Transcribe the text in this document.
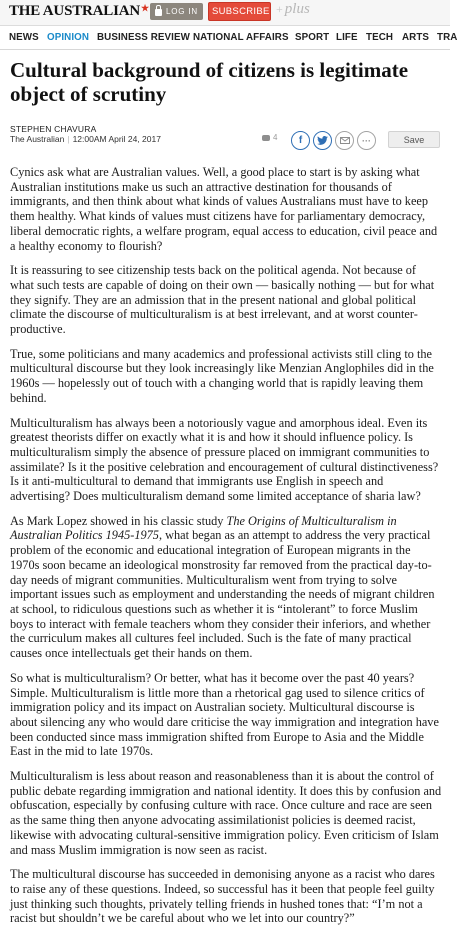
THE AUSTRALIAN★ LOG IN SUBSCRIBE + plus
NEWS OPINION BUSINESS REVIEW NATIONAL AFFAIRS SPORT LIFE TECH ARTS TRA
Cultural background of citizens is legitimate object of scrutiny
STEPHEN CHAVURA
The Australian | 12:00AM April 24, 2017	4	f	···	Save

Cynics ask what are Australian values. Well, a good place to start is by asking what Australian institutions make us such an attractive destination for thousands of immigrants, and then think about what kinds of values Australians must have to keep them healthy. What kinds of values must citizens have for parliamentary democracy, liberal democratic rights, a welfare program, equal access to education, civil peace and a healthy economy to flourish?

It is reassuring to see citizenship tests back on the political agenda. Not because of what such tests are capable of doing on their own — basically nothing — but for what they signify. They are an admission that in the present national and global political climate the discourse of multiculturalism is at best irrelevant, and at worst counter-productive.

True, some politicians and many academics and professional activists still cling to the multicultural discourse but they look increasingly like Menzian Anglophiles did in the 1960s — hopelessly out of touch with a changing world that is rapidly leaving them behind.

Multiculturalism has always been a notoriously vague and amorphous ideal. Even its greatest theorists differ on exactly what it is and how it should influence policy. Is multiculturalism simply the absence of pressure placed on immigrant communities to assimilate? Is it the positive celebration and encouragement of cultural distinctiveness? Is it anti-multicultural to demand that immigrants use English in speech and advertising? Does multiculturalism demand some limited acceptance of sharia law?

As Mark Lopez showed in his classic study The Origins of Multiculturalism in Australian Politics 1945-1975, what began as an attempt to address the very practical problem of the economic and educational integration of European migrants in the 1970s soon became an ideological monstrosity far removed from the practical day-to-day needs of migrant communities. Multiculturalism went from trying to solve important issues such as employment and understanding the needs of migrant children at school, to ridiculous questions such as whether it is “intolerant” to force Muslim boys to interact with female teachers whom they consider their inferiors, and whether the curriculum makes all cultures feel included. Such is the fate of many practical causes once intellectuals get their hands on them.

So what is multiculturalism? Or better, what has it become over the past 40 years? Simple. Multiculturalism is little more than a rhetorical gag used to silence critics of immigration policy and its impact on Australian society. Multicultural discourse is about silencing any who would dare criticise the way immigration and integration have been conducted since mass immigration shifted from Europe to Asia and the Middle East in the mid to late 1970s.

Multiculturalism is less about reason and reasonableness than it is about the control of public debate regarding immigration and national identity. It does this by confusion and obfuscation, especially by confusing culture with race. Once culture and race are seen as the same thing then anyone advocating assimilationist policies is deemed racist, likewise with advocating cultural-sensitive immigration policy. Even criticism of Islam and mass Muslim immigration is now seen as racist.

The multicultural discourse has succeeded in demonising anyone as a racist who dares to raise any of these questions. Indeed, so successful has it been that people feel guilty just thinking such thoughts, privately telling friends in hushed tones that: “I’m not a racist but shouldn’t we be careful about who we let into our country?”
